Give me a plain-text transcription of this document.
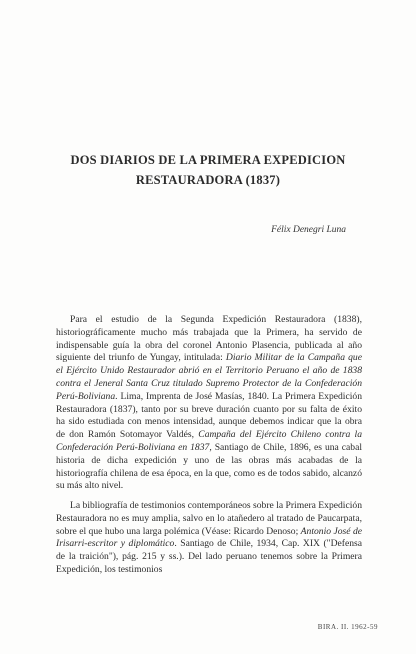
DOS DIARIOS DE LA PRIMERA EXPEDICION
RESTAURADORA (1837)
Félix Denegri Luna
Para el estudio de la Segunda Expedición Restauradora (1838), historiográficamente mucho más trabajada que la Primera, ha servido de indispensable guía la obra del coronel Antonio Plasencia, publicada al año siguiente del triunfo de Yungay, intitulada: Diario Militar de la Campaña que el Ejército Unido Restaurador abrió en el Territorio Peruano el año de 1838 contra el Jeneral Santa Cruz titulado Supremo Protector de la Confederación Perú-Boliviana. Lima, Imprenta de José Masías, 1840. La Primera Expedición Restauradora (1837), tanto por su breve duración cuanto por su falta de éxito ha sido estudiada con menos intensidad, aunque debemos indicar que la obra de don Ramón Sotomayor Valdés, Campaña del Ejército Chileno contra la Confederación Perú-Boliviana en 1837, Santiago de Chile, 1896, es una cabal historia de dicha expedición y uno de las obras más acabadas de la historiografía chilena de esa época, en la que, como es de todos sabido, alcanzó su más alto nivel.
La bibliografía de testimonios contemporáneos sobre la Primera Expedición Restauradora no es muy amplia, salvo en lo atañedero al tratado de Paucarpata, sobre el que hubo una larga polémica (Véase: Ricardo Denoso; Antonio José de Irisarri-escritor y diplomático. Santiago de Chile, 1934, Cap. XIX ("Defensa de la traición"), pág. 215 y ss.). Del lado peruano tenemos sobre la Primera Expedición, los testimonios
BIRA. II. 1962-59
